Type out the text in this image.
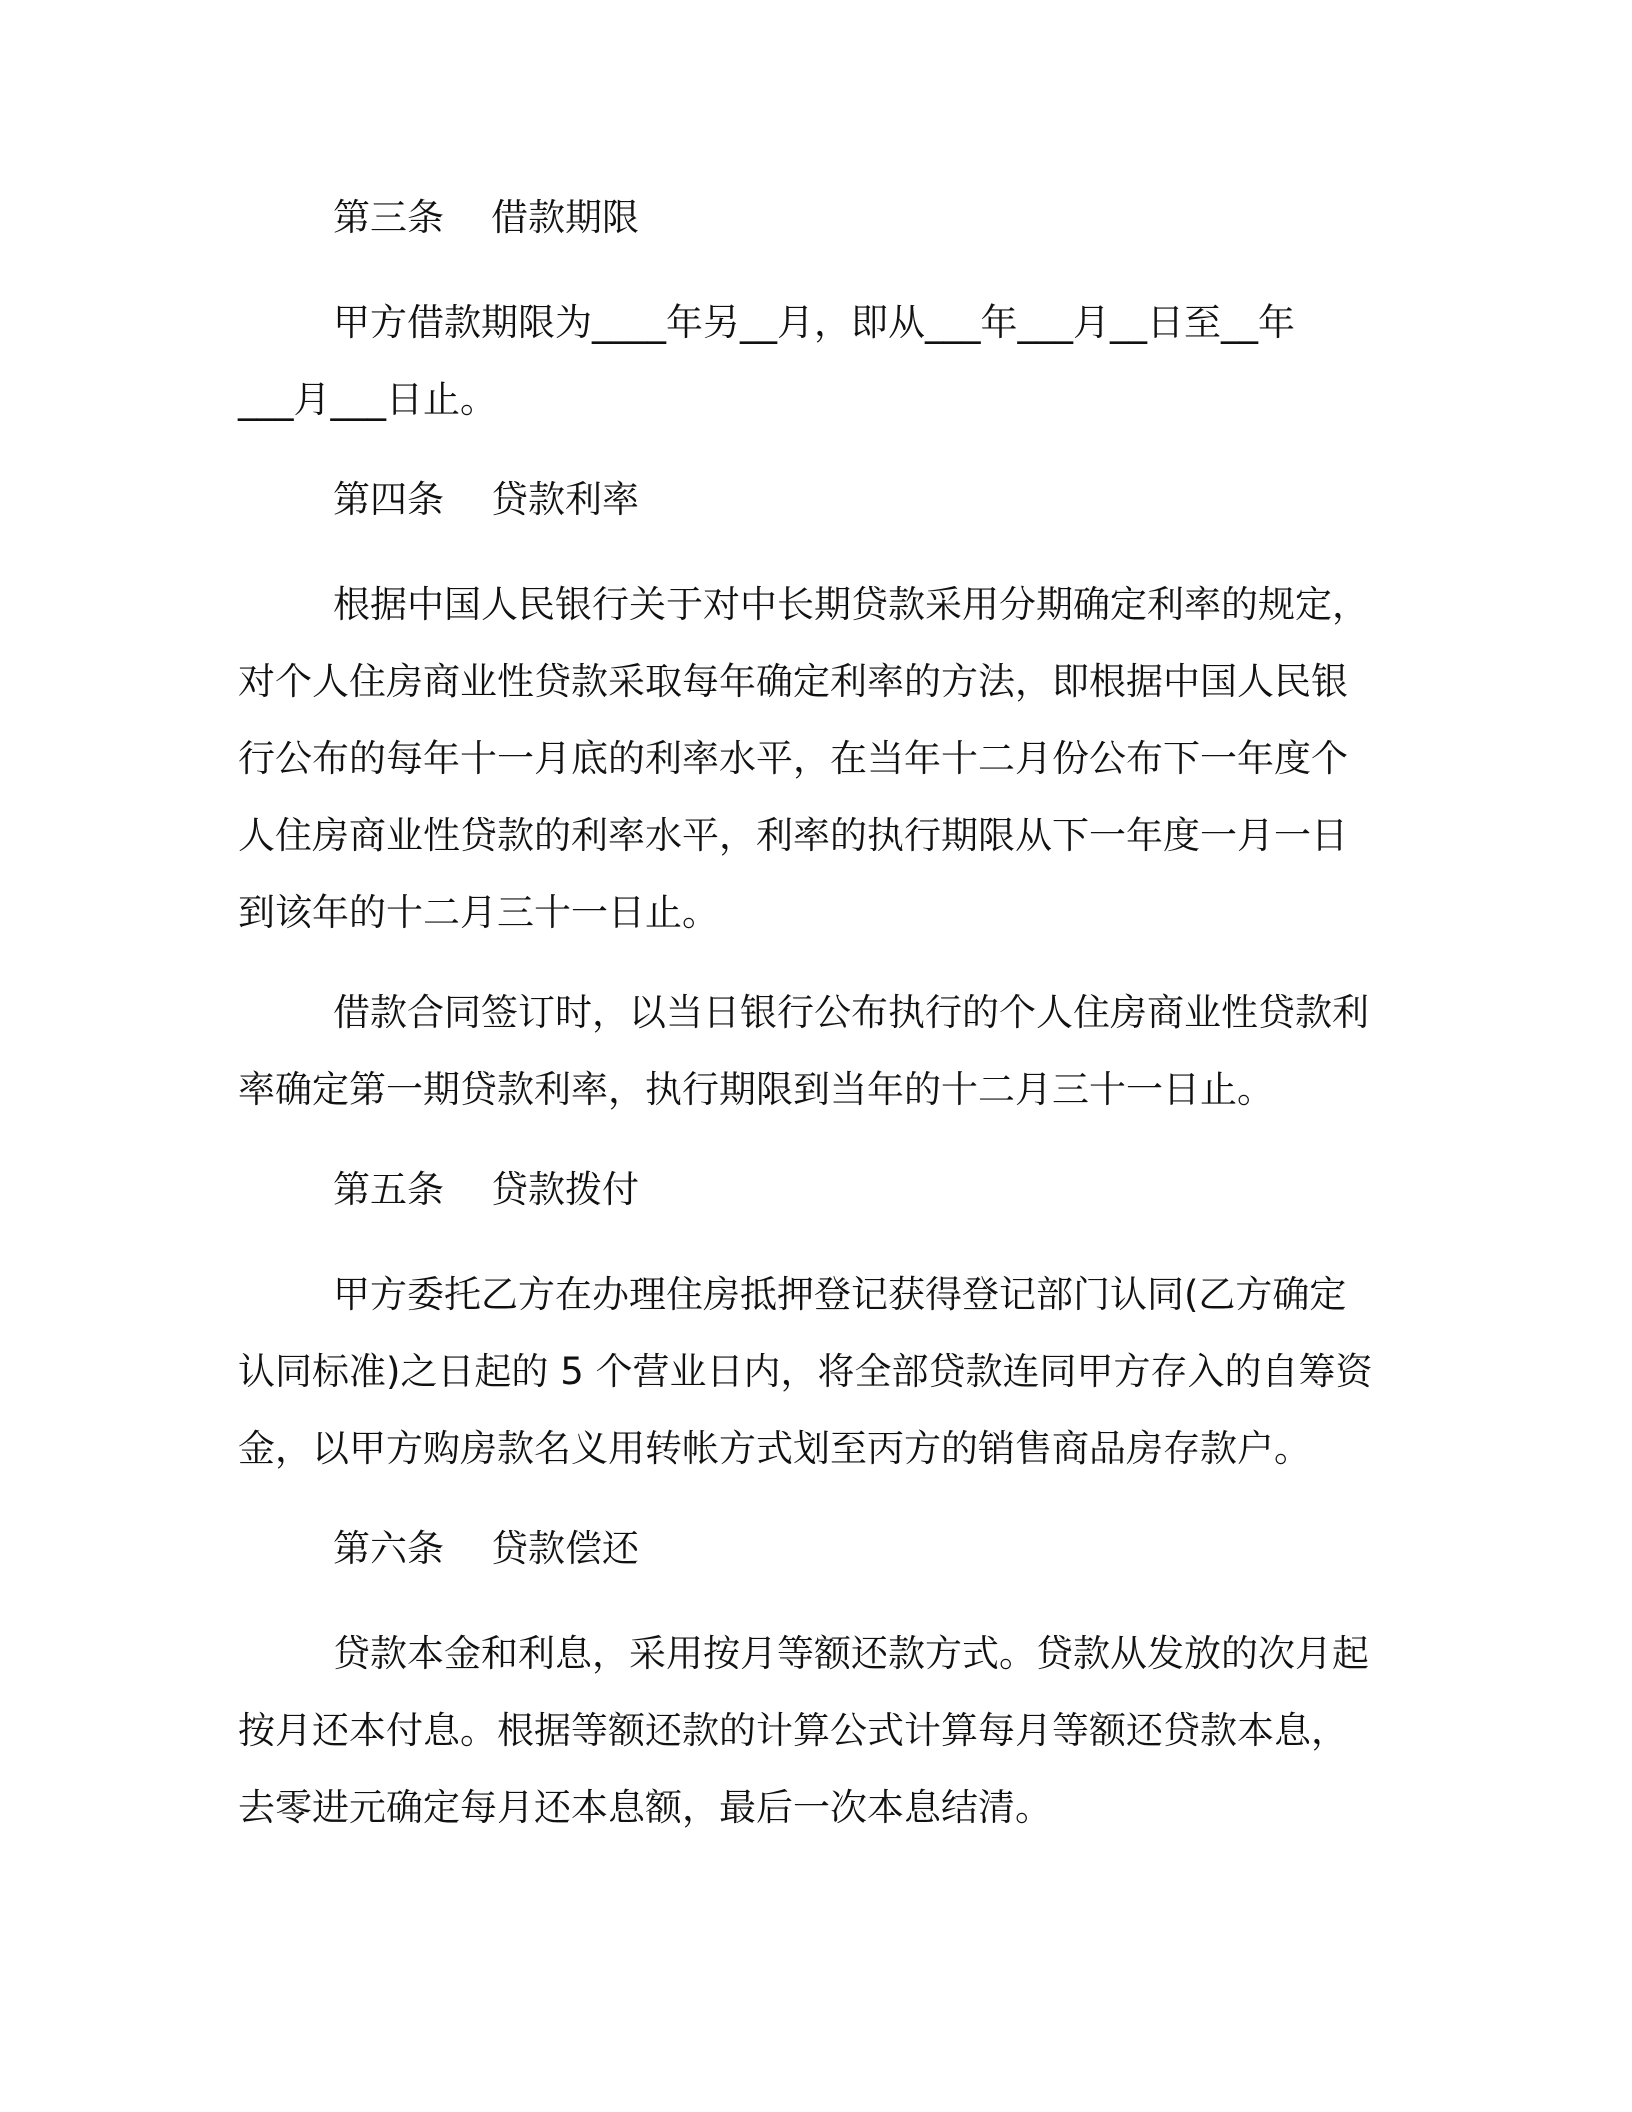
第三条    借款期限
甲方借款期限为____年另__月，即从___年___月__日至__年
___月___日止。
第四条    贷款利率
根据中国人民银行关于对中长期贷款采用分期确定利率的规定，
对个人住房商业性贷款采取每年确定利率的方法，即根据中国人民银
行公布的每年十一月底的利率水平，在当年十二月份公布下一年度个
人住房商业性贷款的利率水平，利率的执行期限从下一年度一月一日
到该年的十二月三十一日止。
借款合同签订时，以当日银行公布执行的个人住房商业性贷款利
率确定第一期贷款利率，执行期限到当年的十二月三十一日止。
第五条    贷款拨付
甲方委托乙方在办理住房抵押登记获得登记部门认同(乙方确定
认同标准)之日起的 5 个营业日内，将全部贷款连同甲方存入的自筹资
金，以甲方购房款名义用转帐方式划至丙方的销售商品房存款户。
第六条    贷款偿还
贷款本金和利息，采用按月等额还款方式。贷款从发放的次月起
按月还本付息。根据等额还款的计算公式计算每月等额还贷款本息，
去零进元确定每月还本息额，最后一次本息结清。
